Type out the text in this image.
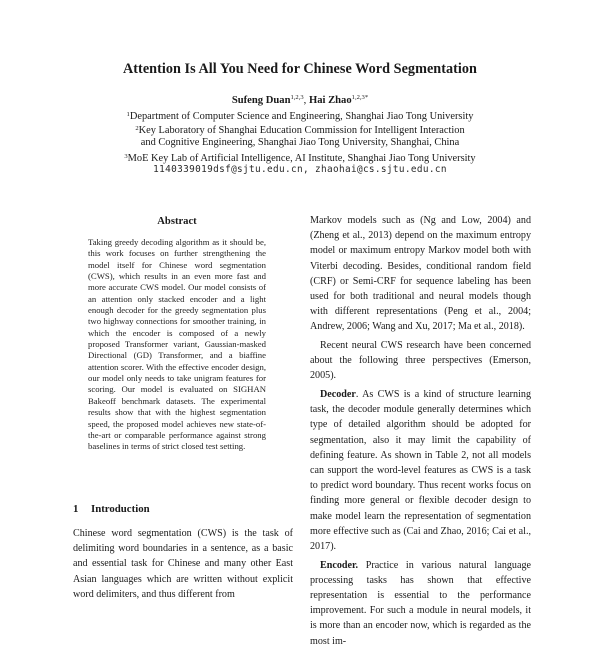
Attention Is All You Need for Chinese Word Segmentation
Sufeng Duan$^{1,2,3}$, Hai Zhao$^{1,2,3*}$
$^1$Department of Computer Science and Engineering, Shanghai Jiao Tong University
$^2$Key Laboratory of Shanghai Education Commission for Intelligent Interaction
and Cognitive Engineering, Shanghai Jiao Tong University, Shanghai, China
$^3$MoE Key Lab of Artificial Intelligence, AI Institute, Shanghai Jiao Tong University
1140339019dsf@sjtu.edu.cn, zhaohai@cs.sjtu.edu.cn
Abstract
Taking greedy decoding algorithm as it should be, this work focuses on further strengthening the model itself for Chinese word segmentation (CWS), which results in an even more fast and more accurate CWS model. Our model consists of an attention only stacked encoder and a light enough decoder for the greedy segmentation plus two highway connections for smoother training, in which the encoder is composed of a newly proposed Transformer variant, Gaussian-masked Directional (GD) Transformer, and a biaffine attention scorer. With the effective encoder design, our model only needs to take unigram features for scoring. Our model is evaluated on SIGHAN Bakeoff benchmark datasets. The experimental results show that with the highest segmentation speed, the proposed model achieves new state-of-the-art or comparable performance against strong baselines in terms of strict closed test setting.
1 Introduction
Chinese word segmentation (CWS) is the task of delimiting word boundaries in a sentence, as a basic and essential task for Chinese and many other East Asian languages which are written without explicit word delimiters, and thus different from

Markov models such as (Ng and Low, 2004) and (Zheng et al., 2013) depend on the maximum entropy model or maximum entropy Markov model both with Viterbi decoding. Besides, conditional random field (CRF) or Semi-CRF for sequence labeling has been used for both traditional and neural models though with different representations (Peng et al., 2004; Andrew, 2006; Wang and Xu, 2017; Ma et al., 2018).

Recent neural CWS research have been concerned about the following three perspectives (Emerson, 2005).

Decoder. As CWS is a kind of structure learning task, the decoder module generally determines which type of detailed algorithm should be adopted for segmentation, also it may limit the capability of defining feature. As shown in Table 2, not all models can support the word-level features as CWS is a task to predict word boundary. Thus recent works focus on finding more general or flexible decoder design to make model learn the representation of segmentation more effective such as (Cai and Zhao, 2016; Cai et al., 2017).

Encoder. Practice in various natural language processing tasks has shown that effective representation is essential to the performance improvement. For such a module in neural models, it is more than an encoder now, which is regarded as the most im-
